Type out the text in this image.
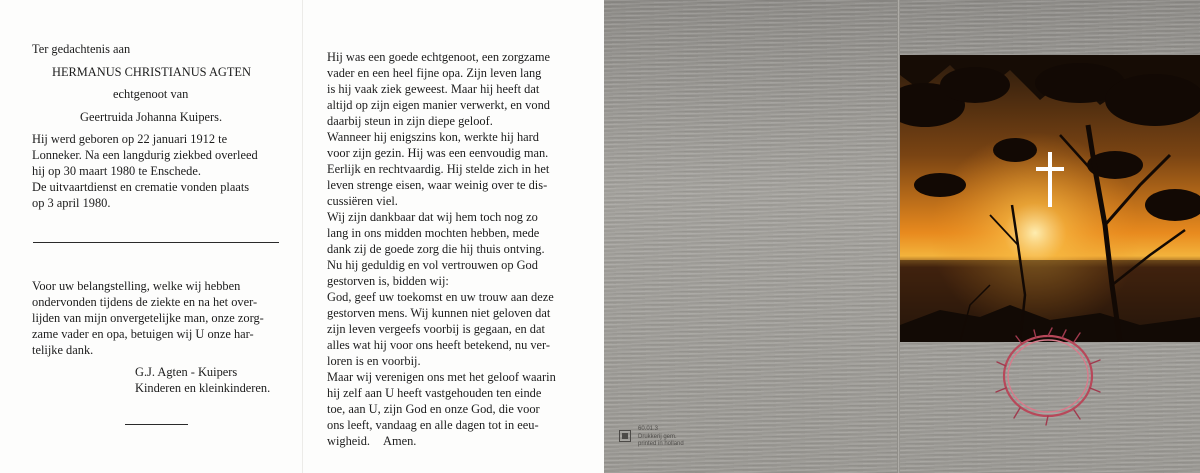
Ter gedachtenis aan
HERMANUS CHRISTIANUS AGTEN
echtgenoot van
Geertruida Johanna Kuipers.
Hij werd geboren op 22 januari 1912 te
Lonneker. Na een langdurig ziekbed overleed
hij op 30 maart 1980 te Enschede.
De uitvaartdienst en crematie vonden plaats
op 3 april 1980.
Voor uw belangstelling, welke wij hebben
ondervonden tijdens de ziekte en na het over-
lijden van mijn onvergetelijke man, onze zorg-
zame vader en opa, betuigen wij U onze har-
telijke dank.
G.J. Agten - Kuipers
Kinderen en kleinkinderen.
Hij was een goede echtgenoot, een zorgzame
vader en een heel fijne opa. Zijn leven lang
is hij vaak ziek geweest. Maar hij heeft dat
altijd op zijn eigen manier verwerkt, en vond
daarbij steun in zijn diepe geloof.
Wanneer hij enigszins kon, werkte hij hard
voor zijn gezin. Hij was een eenvoudig man.
Eerlijk en rechtvaardig. Hij stelde zich in het
leven strenge eisen, waar weinig over te dis-
cussiëren viel.
Wij zijn dankbaar dat wij hem toch nog zo
lang in ons midden mochten hebben, mede
dank zij de goede zorg die hij thuis ontving.
Nu hij geduldig en vol vertrouwen op God
gestorven is, bidden wij:
God, geef uw toekomst en uw trouw aan deze
gestorven mens. Wij kunnen niet geloven dat
zijn leven vergeefs voorbij is gegaan, en dat
alles wat hij voor ons heeft betekend, nu ver-
loren is en voorbij.
Maar wij verenigen ons met het geloof waarin
hij zelf aan U heeft vastgehouden ten einde
toe, aan U, zijn God en onze God, die voor
ons leeft, vandaag en alle dagen tot in eeu-
wigheid. Amen.
60.01.3
Drukkerij gem.
printed in holland
